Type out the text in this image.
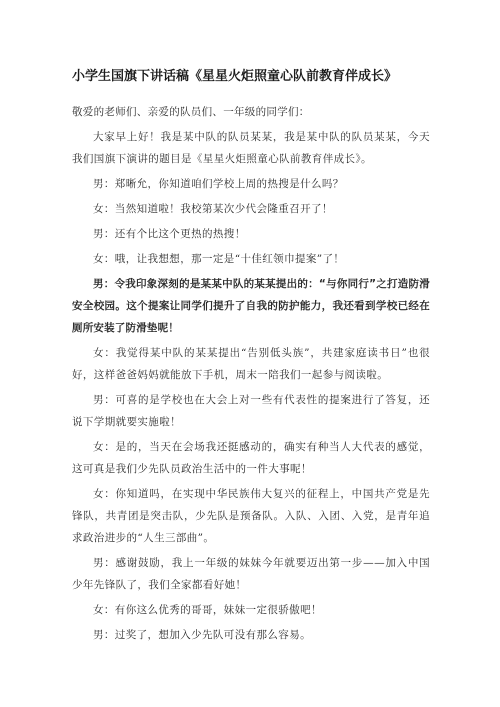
小学生国旗下讲话稿《星星火炬照童心队前教育伴成长》

敬爱的老师们、亲爱的队员们、一年级的同学们：

大家早上好！我是某中队的队员某某，我是某中队的队员某某，今天我们国旗下演讲的题目是《星星火炬照童心队前教育伴成长》。

男：郑晰允，你知道咱们学校上周的热搜是什么吗？

女：当然知道啦！我校第某次少代会隆重召开了！

男：还有个比这个更热的热搜！

女：哦，让我想想，那一定是“十佳红领巾提案”了！

男：令我印象深刻的是某某中队的某某提出的：“与你同行”之打造防滑安全校园。这个提案让同学们提升了自我的防护能力，我还看到学校已经在厕所安装了防滑垫呢！

女：我觉得某中队的某某提出“告别低头族”，共建家庭读书日”也很好，这样爸爸妈妈就能放下手机，周末一陪我们一起参与阅读啦。

男：可喜的是学校也在大会上对一些有代表性的提案进行了答复，还说下学期就要实施啦！

女：是的，当天在会场我还挺感动的，确实有种当人大代表的感觉，这可真是我们少先队员政治生活中的一件大事呢！

女：你知道吗，在实现中华民族伟大复兴的征程上，中国共产党是先锋队，共青团是突击队，少先队是预备队。入队、入团、入党，是青年追求政治进步的“人生三部曲”。

男：感谢鼓励，我上一年级的妹妹今年就要迈出第一步——加入中国少年先锋队了，我们全家都看好她！

女：有你这么优秀的哥哥，妹妹一定很骄傲吧！

男：过奖了，想加入少先队可没有那么容易。
